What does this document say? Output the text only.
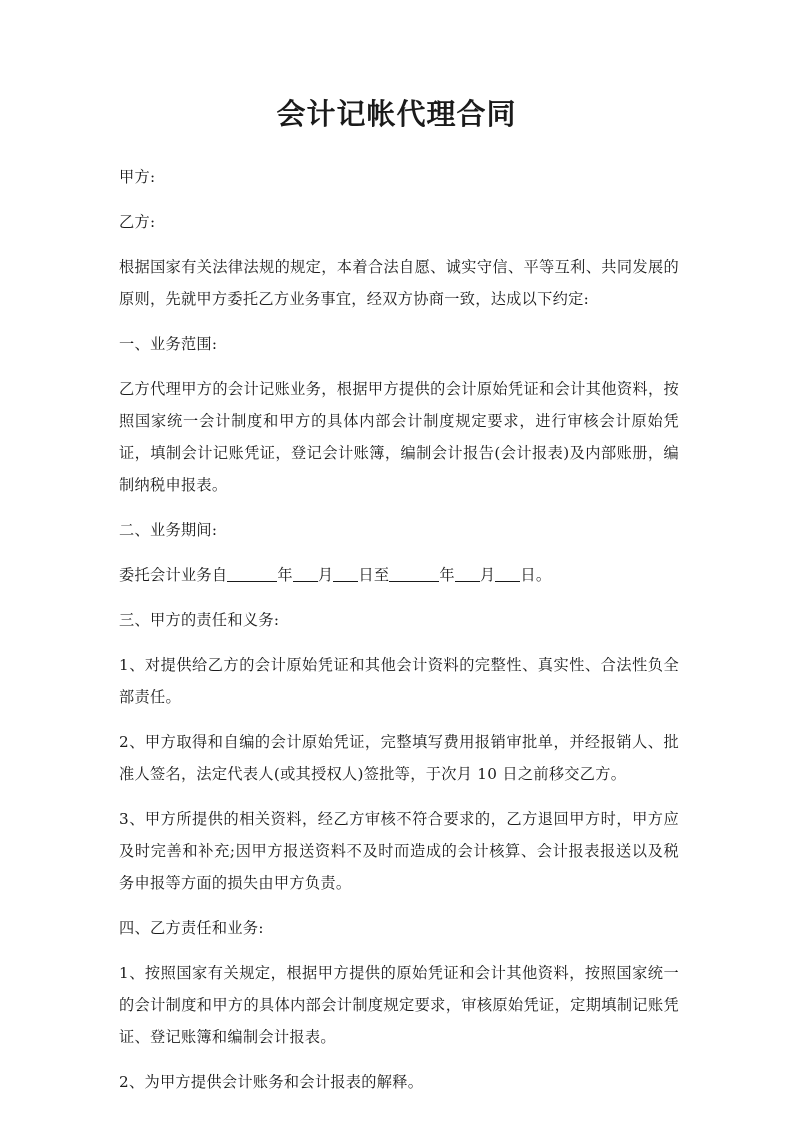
会计记帐代理合同

甲方:

乙方:

根据国家有关法律法规的规定，本着合法自愿、诚实守信、平等互利、共同发展的原则，先就甲方委托乙方业务事宜，经双方协商一致，达成以下约定:

一、业务范围:

乙方代理甲方的会计记账业务，根据甲方提供的会计原始凭证和会计其他资料，按照国家统一会计制度和甲方的具体内部会计制度规定要求，进行审核会计原始凭证，填制会计记账凭证，登记会计账簿，编制会计报告(会计报表)及内部账册，编制纳税申报表。

二、业务期间:

委托会计业务自	年 月 日至	年 月 日。

三、甲方的责任和义务:

1、对提供给乙方的会计原始凭证和其他会计资料的完整性、真实性、合法性负全部责任。

2、甲方取得和自编的会计原始凭证，完整填写费用报销审批单，并经报销人、批准人签名，法定代表人(或其授权人)签批等，于次月 10 日之前移交乙方。

3、甲方所提供的相关资料，经乙方审核不符合要求的，乙方退回甲方时，甲方应及时完善和补充;因甲方报送资料不及时而造成的会计核算、会计报表报送以及税务申报等方面的损失由甲方负责。

四、乙方责任和业务:

1、按照国家有关规定，根据甲方提供的原始凭证和会计其他资料，按照国家统一的会计制度和甲方的具体内部会计制度规定要求，审核原始凭证，定期填制记账凭证、登记账簿和编制会计报表。

2、为甲方提供会计账务和会计报表的解释。
